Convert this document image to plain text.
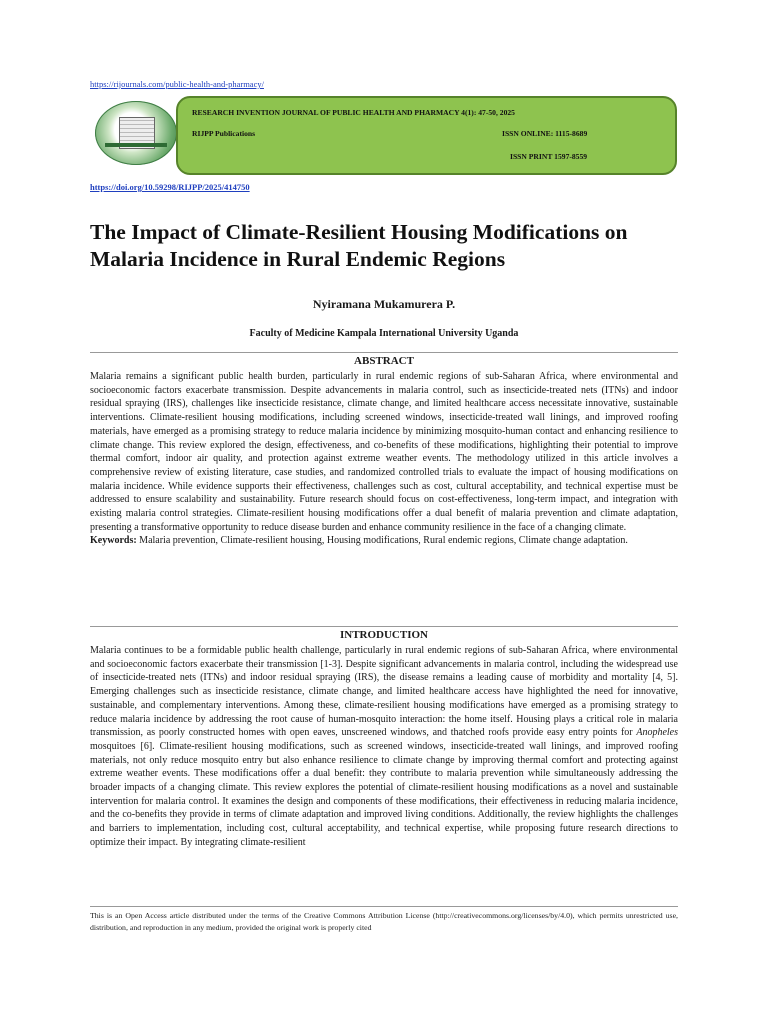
https://rijournals.com/public-health-and-pharmacy/
RESEARCH INVENTION JOURNAL OF PUBLIC HEALTH AND PHARMACY 4(1): 47-50, 2025
RIJPP Publications	ISSN ONLINE: 1115-8689
ISSN PRINT 1597-8559
https://doi.org/10.59298/RIJPP/2025/414750
The Impact of Climate-Resilient Housing Modifications on Malaria Incidence in Rural Endemic Regions
Nyiramana Mukamurera P.
Faculty of Medicine Kampala International University Uganda
ABSTRACT

Malaria remains a significant public health burden, particularly in rural endemic regions of sub-Saharan Africa, where environmental and socioeconomic factors exacerbate transmission. Despite advancements in malaria control, such as insecticide-treated nets (ITNs) and indoor residual spraying (IRS), challenges like insecticide resistance, climate change, and limited healthcare access necessitate innovative, sustainable interventions. Climate-resilient housing modifications, including screened windows, insecticide-treated wall linings, and improved roofing materials, have emerged as a promising strategy to reduce malaria incidence by minimizing mosquito-human contact and enhancing resilience to climate change. This review explored the design, effectiveness, and co-benefits of these modifications, highlighting their potential to improve thermal comfort, indoor air quality, and protection against extreme weather events. The methodology utilized in this article involves a comprehensive review of existing literature, case studies, and randomized controlled trials to evaluate the impact of housing modifications on malaria incidence. While evidence supports their effectiveness, challenges such as cost, cultural acceptability, and technical expertise must be addressed to ensure scalability and sustainability. Future research should focus on cost-effectiveness, long-term impact, and integration with existing malaria control strategies. Climate-resilient housing modifications offer a dual benefit of malaria prevention and climate adaptation, presenting a transformative opportunity to reduce disease burden and enhance community resilience in the face of a changing climate.

Keywords: Malaria prevention, Climate-resilient housing, Housing modifications, Rural endemic regions, Climate change adaptation.

INTRODUCTION

Malaria continues to be a formidable public health challenge, particularly in rural endemic regions of sub-Saharan Africa, where environmental and socioeconomic factors exacerbate their transmission [1-3]. Despite significant advancements in malaria control, including the widespread use of insecticide-treated nets (ITNs) and indoor residual spraying (IRS), the disease remains a leading cause of morbidity and mortality [4, 5]. Emerging challenges such as insecticide resistance, climate change, and limited healthcare access have highlighted the need for innovative, sustainable, and complementary interventions. Among these, climate-resilient housing modifications have emerged as a promising strategy to reduce malaria incidence by addressing the root cause of human-mosquito interaction: the home itself. Housing plays a critical role in malaria transmission, as poorly constructed homes with open eaves, unscreened windows, and thatched roofs provide easy entry points for Anopheles mosquitoes [6]. Climate-resilient housing modifications, such as screened windows, insecticide-treated wall linings, and improved roofing materials, not only reduce mosquito entry but also enhance resilience to climate change by improving thermal comfort and protecting against extreme weather events. These modifications offer a dual benefit: they contribute to malaria prevention while simultaneously addressing the broader impacts of a changing climate. This review explores the potential of climate-resilient housing modifications as a novel and sustainable intervention for malaria control. It examines the design and components of these modifications, their effectiveness in reducing malaria incidence, and the co-benefits they provide in terms of climate adaptation and improved living conditions. Additionally, the review highlights the challenges and barriers to implementation, including cost, cultural acceptability, and technical expertise, while proposing future research directions to optimize their impact. By integrating climate-resilient

This is an Open Access article distributed under the terms of the Creative Commons Attribution License (http://creativecommons.org/licenses/by/4.0), which permits unrestricted use, distribution, and reproduction in any medium, provided the original work is properly cited
